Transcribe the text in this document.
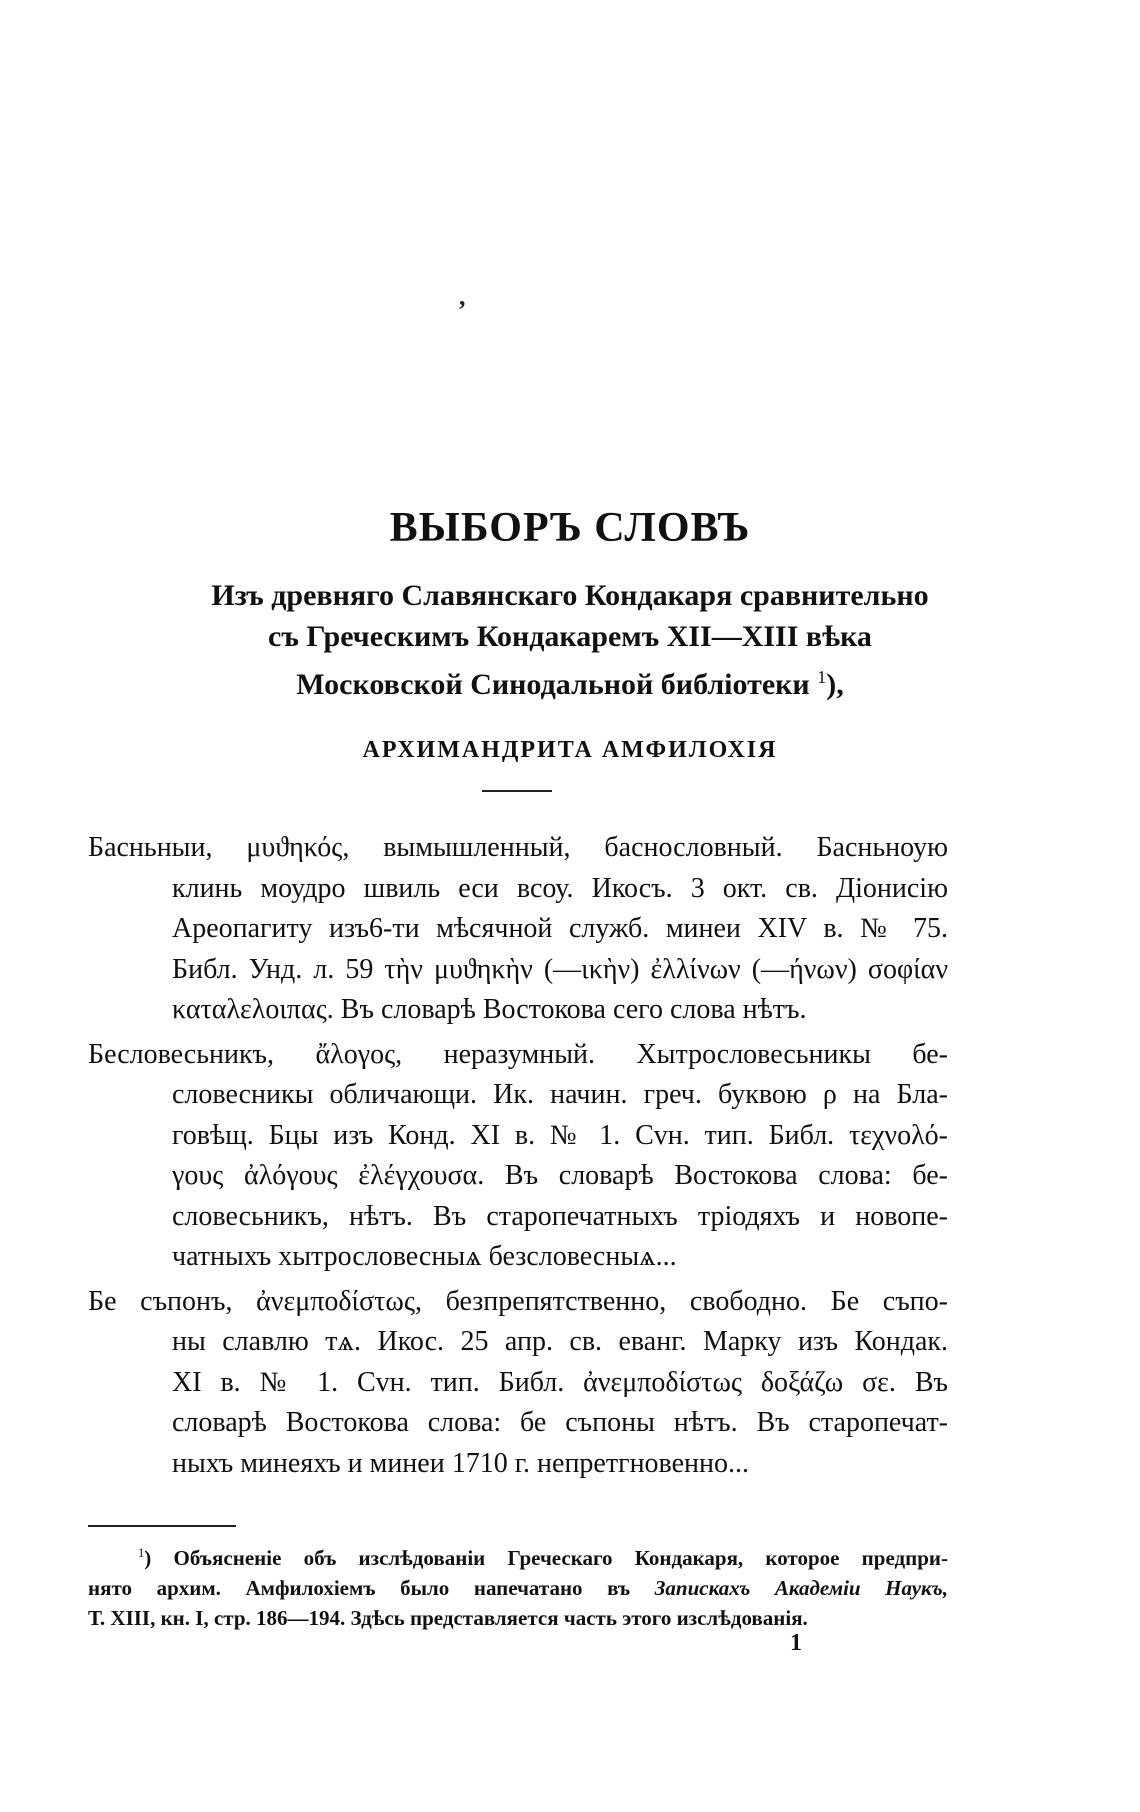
,
ВЫБОРЪ СЛОВЪ
Изъ древняго Славянскаго Кондакаря сравнительно
съ Греческимъ Кондакаремъ XII—XIII вѣка
Московской Синодальной библіотеки $^1$),
АРХИМАНДРИТА АМФИЛОХІЯ
Басньныи, μυϑηκός, вымышленный, баснословный. Басньноую
клинь моудро швиль еси всоу. Икосъ. 3 окт. св. Діонисію
Ареопагиту изъ6-ти мѣсячной служб. минеи XIV в. № 75.
Библ. Унд. л. 59 τὴν μυϑηκὴν (—ικὴν) ἐλλίνων (—ήνων) σοφίαν
καταλελοιπας. Въ словарѣ Востокова сего слова нѣтъ.
Бесловесьникъ, ἄλογος, неразумный. Хытрословесьникы бе-
словесникы обличающи. Ик. начин. греч. буквою ρ на Бла-
говѣщ. Бцы изъ Конд. XI в. № 1. Сvн. тип. Библ. τεχνολό-
γους ἀλόγους ἐλέγχουσα. Въ словарѣ Востокова слова: бе-
словесьникъ, нѣтъ. Въ старопечатныхъ тріодяхъ и новопе-
чатныхъ хытрословесныѧ безсловесныѧ...
Бе съпонъ, ἀνεμποδίστως, безпрепятственно, свободно. Бе съпо-
ны славлю тѧ. Икос. 25 апр. св. еванг. Марку изъ Кондак.
XI в. № 1. Сvн. тип. Библ. ἀνεμποδίστως δοξάζω σε. Въ
словарѣ Востокова слова: бе съпоны нѣтъ. Въ старопечат-
ныхъ минеяхъ и минеи 1710 г. непретгновенно...
$^1$) Объясненіе объ изслѣдованіи Греческаго Кондакаря, которое предпри-
нято архим. Амфилохіемъ было напечатано въ Запискахъ Академіи Наукъ,
Т. XIII, кн. I, стр. 186—194. Здѣсь представляется часть этого изслѣдованія.
1
